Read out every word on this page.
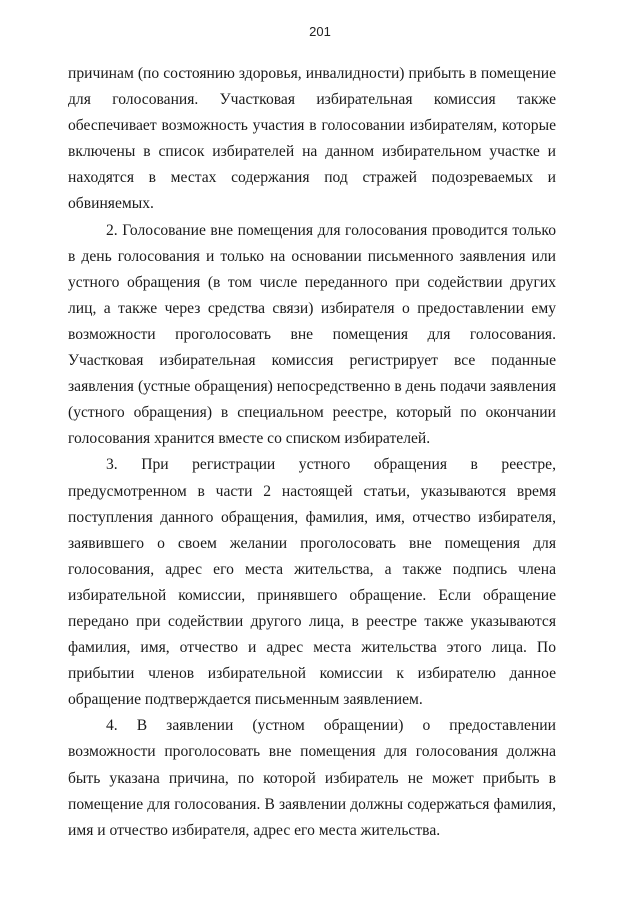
201

причинам (по состоянию здоровья, инвалидности) прибыть в помещение для голосования. Участковая избирательная комиссия также обеспечивает возможность участия в голосовании избирателям, которые включены в список избирателей на данном избирательном участке и находятся в местах содержания под стражей подозреваемых и обвиняемых.

2. Голосование вне помещения для голосования проводится только в день голосования и только на основании письменного заявления или устного обращения (в том числе переданного при содействии других лиц, а также через средства связи) избирателя о предоставлении ему возможности проголосовать вне помещения для голосования. Участковая избирательная комиссия регистрирует все поданные заявления (устные обращения) непосредственно в день подачи заявления (устного обращения) в специальном реестре, который по окончании голосования хранится вместе со списком избирателей.

3. При регистрации устного обращения в реестре, предусмотренном в части 2 настоящей статьи, указываются время поступления данного обращения, фамилия, имя, отчество избирателя, заявившего о своем желании проголосовать вне помещения для голосования, адрес его места жительства, а также подпись члена избирательной комиссии, принявшего обращение. Если обращение передано при содействии другого лица, в реестре также указываются фамилия, имя, отчество и адрес места жительства этого лица. По прибытии членов избирательной комиссии к избирателю данное обращение подтверждается письменным заявлением.

4. В заявлении (устном обращении) о предоставлении возможности проголосовать вне помещения для голосования должна быть указана причина, по которой избиратель не может прибыть в помещение для голосования. В заявлении должны содержаться фамилия, имя и отчество избирателя, адрес его места жительства.
